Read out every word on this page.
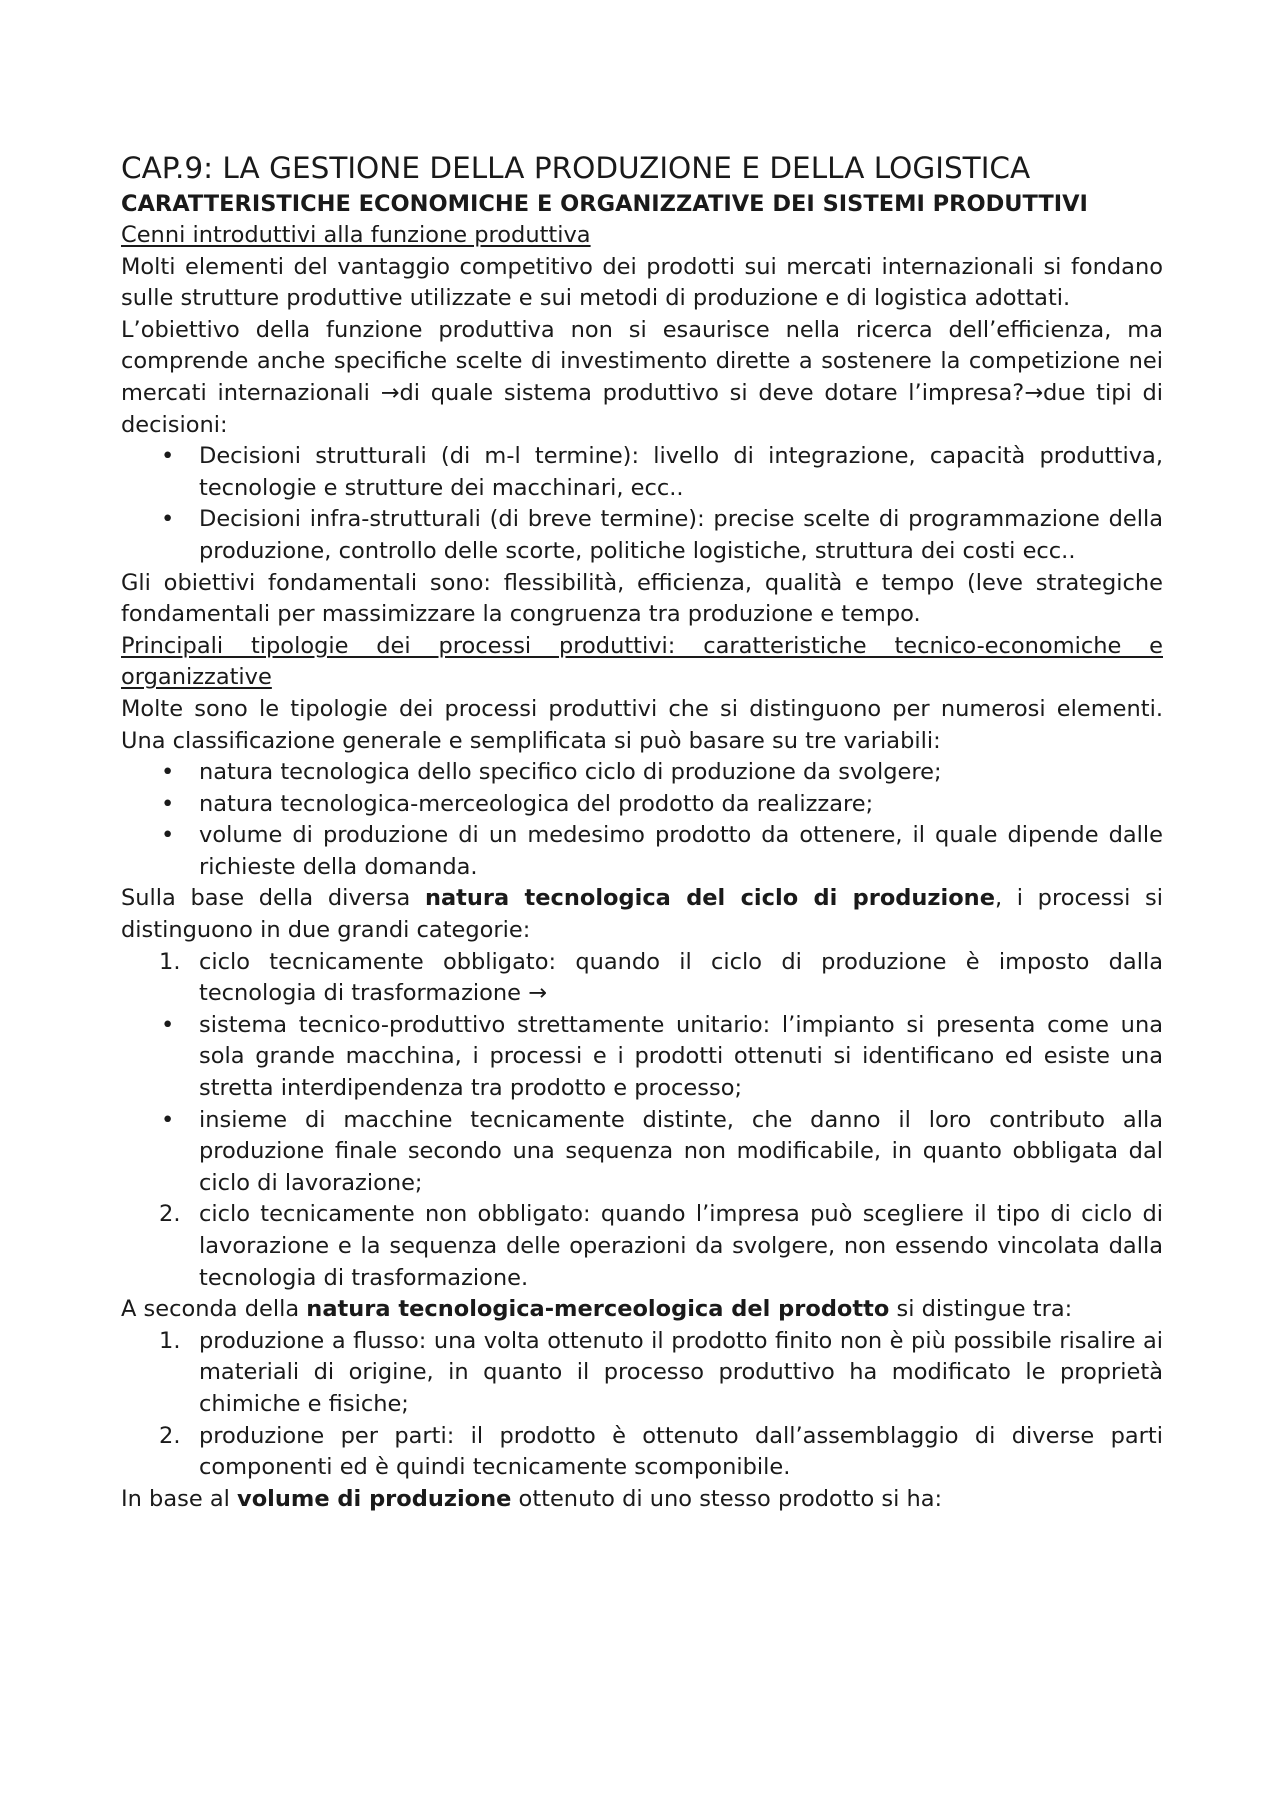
CAP.9: LA GESTIONE DELLA PRODUZIONE E DELLA LOGISTICA
CARATTERISTICHE ECONOMICHE E ORGANIZZATIVE DEI SISTEMI PRODUTTIVI

Cenni introduttivi alla funzione produttiva

Molti elementi del vantaggio competitivo dei prodotti sui mercati internazionali si fondano sulle strutture produttive utilizzate e sui metodi di produzione e di logistica adottati.

L’obiettivo della funzione produttiva non si esaurisce nella ricerca dell’efficienza, ma comprende anche specifiche scelte di investimento dirette a sostenere la competizione nei mercati internazionali →di quale sistema produttivo si deve dotare l’impresa?→due tipi di decisioni:

•	Decisioni strutturali (di m-l termine): livello di integrazione, capacità produttiva, tecnologie e strutture dei macchinari, ecc..
•	Decisioni infra-strutturali (di breve termine): precise scelte di programmazione della produzione, controllo delle scorte, politiche logistiche, struttura dei costi ecc..

Gli obiettivi fondamentali sono: flessibilità, efficienza, qualità e tempo (leve strategiche fondamentali per massimizzare la congruenza tra produzione e tempo.

Principali tipologie dei processi produttivi: caratteristiche tecnico-economiche e organizzative

Molte sono le tipologie dei processi produttivi che si distinguono per numerosi elementi. Una classificazione generale e semplificata si può basare su tre variabili:

•	natura tecnologica dello specifico ciclo di produzione da svolgere;
•	natura tecnologica-merceologica del prodotto da realizzare;
•	volume di produzione di un medesimo prodotto da ottenere, il quale dipende dalle richieste della domanda.

Sulla base della diversa natura tecnologica del ciclo di produzione, i processi si distinguono in due grandi categorie:

1. ciclo tecnicamente obbligato: quando il ciclo di produzione è imposto dalla tecnologia di trasformazione →
•	sistema tecnico-produttivo strettamente unitario: l’impianto si presenta come una sola grande macchina, i processi e i prodotti ottenuti si identificano ed esiste una stretta interdipendenza tra prodotto e processo;
•	insieme di macchine tecnicamente distinte, che danno il loro contributo alla produzione finale secondo una sequenza non modificabile, in quanto obbligata dal ciclo di lavorazione;
2. ciclo tecnicamente non obbligato: quando l’impresa può scegliere il tipo di ciclo di lavorazione e la sequenza delle operazioni da svolgere, non essendo vincolata dalla tecnologia di trasformazione.

A seconda della natura tecnologica-merceologica del prodotto si distingue tra:

1. produzione a flusso: una volta ottenuto il prodotto finito non è più possibile risalire ai materiali di origine, in quanto il processo produttivo ha modificato le proprietà chimiche e fisiche;
2. produzione per parti: il prodotto è ottenuto dall’assemblaggio di diverse parti componenti ed è quindi tecnicamente scomponibile.

In base al volume di produzione ottenuto di uno stesso prodotto si ha:
